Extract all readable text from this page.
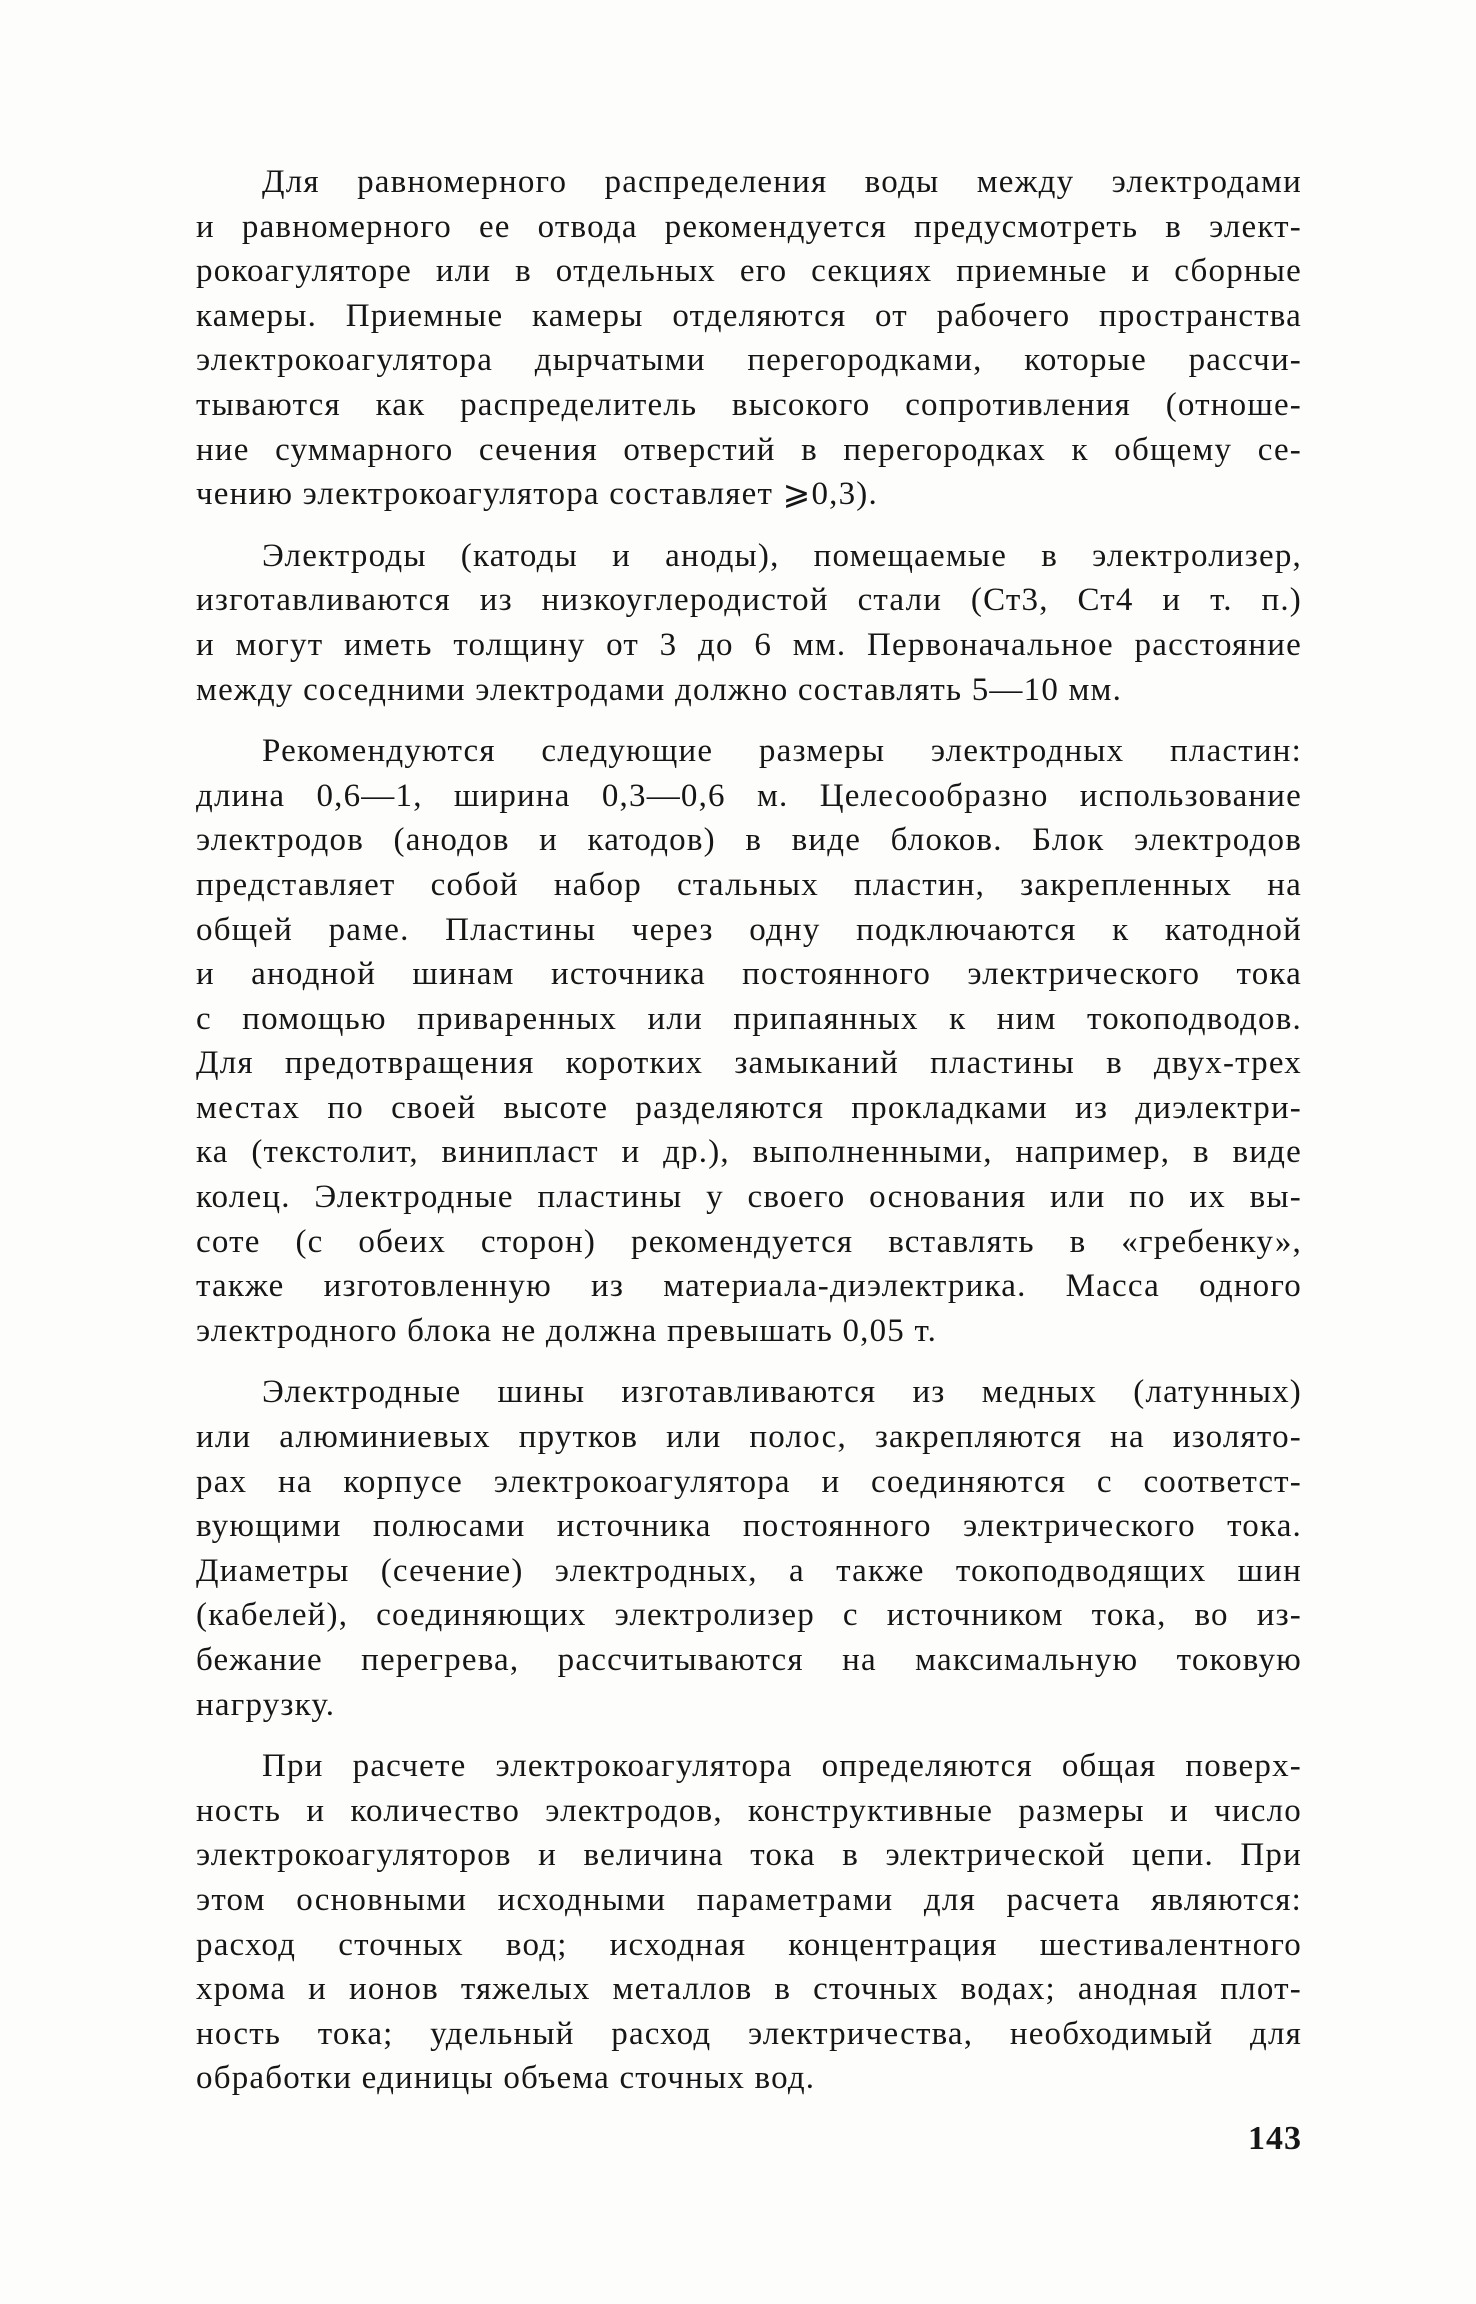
Для равномерного распределения воды между электродами
и равномерного ее отвода рекомендуется предусмотреть в элект-
рокоагуляторе или в отдельных его секциях приемные и сборные
камеры. Приемные камеры отделяются от рабочего пространства
электрокоагулятора дырчатыми перегородками, которые рассчи-
тываются как распределитель высокого сопротивления (отноше-
ние суммарного сечения отверстий в перегородках к общему се-
чению электрокоагулятора составляет ⩾0,3).
Электроды (катоды и аноды), помещаемые в электролизер,
изготавливаются из низкоуглеродистой стали (Ст3, Ст4 и т. п.)
и могут иметь толщину от 3 до 6 мм. Первоначальное расстояние
между соседними электродами должно составлять 5—10 мм.
Рекомендуются следующие размеры электродных пластин:
длина 0,6—1, ширина 0,3—0,6 м. Целесообразно использование
электродов (анодов и катодов) в виде блоков. Блок электродов
представляет собой набор стальных пластин, закрепленных на
общей раме. Пластины через одну подключаются к катодной
и анодной шинам источника постоянного электрического тока
с помощью приваренных или припаянных к ним токоподводов.
Для предотвращения коротких замыканий пластины в двух-трех
местах по своей высоте разделяются прокладками из диэлектри-
ка (текстолит, винипласт и др.), выполненными, например, в виде
колец. Электродные пластины у своего основания или по их вы-
соте (с обеих сторон) рекомендуется вставлять в «гребенку»,
также изготовленную из материала-диэлектрика. Масса одного
электродного блока не должна превышать 0,05 т.
Электродные шины изготавливаются из медных (латунных)
или алюминиевых прутков или полос, закрепляются на изолято-
рах на корпусе электрокоагулятора и соединяются с соответст-
вующими полюсами источника постоянного электрического тока.
Диаметры (сечение) электродных, а также токоподводящих шин
(кабелей), соединяющих электролизер с источником тока, во из-
бежание перегрева, рассчитываются на максимальную токовую
нагрузку.
При расчете электрокоагулятора определяются общая поверх-
ность и количество электродов, конструктивные размеры и число
электрокоагуляторов и величина тока в электрической цепи. При
этом основными исходными параметрами для расчета являются:
расход сточных вод; исходная концентрация шестивалентного
хрома и ионов тяжелых металлов в сточных водах; анодная плот-
ность тока; удельный расход электричества, необходимый для
обработки единицы объема сточных вод.
143
